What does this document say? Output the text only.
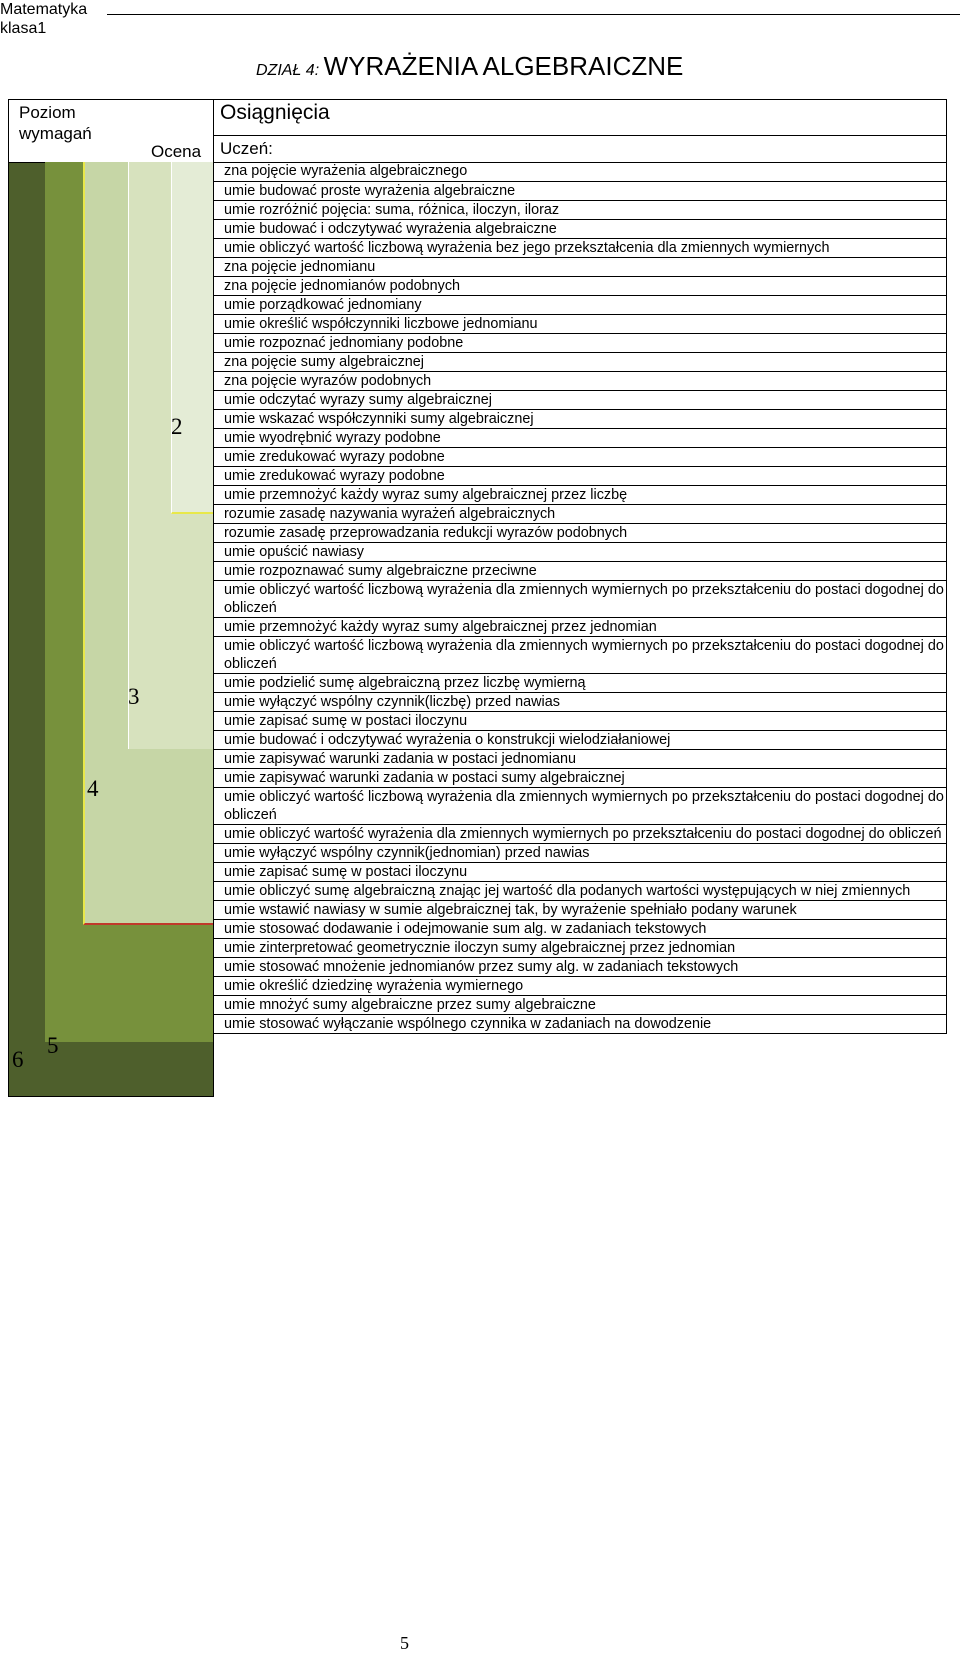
Matematyka
klasa1
DZIAŁ 4: WYRAŻENIA ALGEBRAICZNE
Poziom wymagań
Ocena
Osiągnięcia
Uczeń:
2
3
4
5
6
zna pojęcie wyrażenia algebraicznego
umie budować proste wyrażenia algebraiczne
umie rozróżnić pojęcia: suma, różnica, iloczyn, iloraz
umie budować i odczytywać wyrażenia algebraiczne
umie obliczyć wartość liczbową wyrażenia bez jego przekształcenia dla zmiennych wymiernych
zna pojęcie jednomianu
zna pojęcie jednomianów podobnych
umie porządkować jednomiany
umie określić współczynniki liczbowe jednomianu
umie rozpoznać jednomiany podobne
zna pojęcie sumy algebraicznej
zna pojęcie wyrazów podobnych
umie odczytać wyrazy sumy algebraicznej
umie wskazać współczynniki sumy algebraicznej
umie wyodrębnić wyrazy podobne
umie zredukować wyrazy podobne
umie zredukować wyrazy podobne
umie przemnożyć każdy wyraz sumy algebraicznej przez liczbę
rozumie zasadę nazywania wyrażeń algebraicznych
rozumie zasadę przeprowadzania redukcji wyrazów podobnych
umie opuścić nawiasy
umie rozpoznawać sumy algebraiczne przeciwne
umie obliczyć wartość liczbową wyrażenia dla zmiennych wymiernych po przekształceniu do postaci dogodnej do obliczeń
umie przemnożyć każdy wyraz sumy algebraicznej przez jednomian
umie obliczyć wartość liczbową wyrażenia dla zmiennych wymiernych po przekształceniu do postaci dogodnej do obliczeń
umie podzielić sumę algebraiczną przez liczbę wymierną
umie wyłączyć wspólny czynnik(liczbę) przed nawias
umie zapisać sumę w postaci iloczynu
umie budować i odczytywać wyrażenia o konstrukcji wielodziałaniowej
umie zapisywać warunki zadania w postaci jednomianu
umie zapisywać warunki zadania w postaci sumy algebraicznej
umie obliczyć wartość liczbową wyrażenia dla zmiennych wymiernych po przekształceniu do postaci dogodnej do obliczeń
umie obliczyć wartość wyrażenia dla zmiennych wymiernych po przekształceniu do postaci dogodnej do obliczeń
umie wyłączyć wspólny czynnik(jednomian) przed nawias
umie zapisać sumę w postaci iloczynu
umie obliczyć sumę algebraiczną znając jej wartość dla podanych wartości występujących w niej zmiennych
umie wstawić nawiasy w sumie algebraicznej tak, by wyrażenie spełniało podany warunek
umie stosować dodawanie i odejmowanie sum alg. w zadaniach tekstowych
umie zinterpretować geometrycznie iloczyn sumy algebraicznej przez jednomian
umie stosować mnożenie jednomianów przez sumy alg. w zadaniach tekstowych
umie określić dziedzinę wyrażenia wymiernego
umie mnożyć sumy algebraiczne przez sumy algebraiczne
umie stosować wyłączanie wspólnego czynnika w zadaniach na dowodzenie
5
